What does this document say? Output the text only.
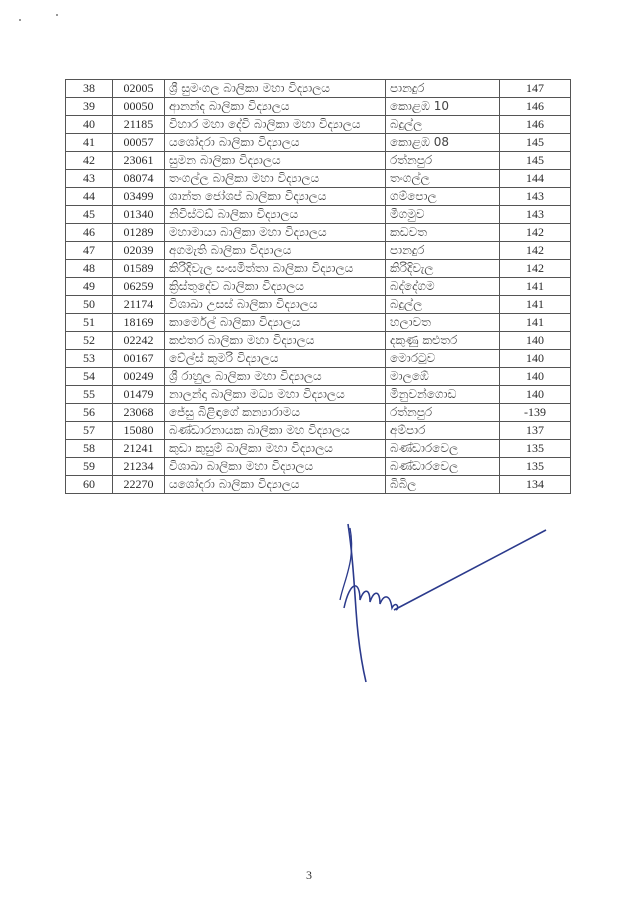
38	02005	ශ්‍රී සුමංගල බාලිකා මහා විද්‍යාලය	පානදුර	147
39	00050	ආනන්ද බාලිකා විද්‍යාලය	කොළඹ 10	146
40	21185	විහාර මහා දේවි බාලිකා මහා විද්‍යාලය	බදුල්ල	146
41	00057	යශෝදරා බාලිකා විද්‍යාලය	කොළඹ 08	145
42	23061	සුමන බාලිකා විද්‍යාලය	රත්නපුර	145
43	08074	තංගල්ල බාලිකා මහා විද්‍යාලය	තංගල්ල	144
44	03499	ශාන්ත ජෝශප් බාලිකා විද්‍යාලය	ගම්පොල	143
45	01340	නිවිස්ටඩ් බාලිකා විද්‍යාලය	මීගමුව	143
46	01289	මහාමායා බාලිකා මහා විද්‍යාලය	කඩවත	142
47	02039	අගමැති බාලිකා විද්‍යාලය	පානදුර	142
48	01589	කිරිදිවැල සංඝමිත්තා බාලිකා විද්‍යාලය	කිරිදිවැල	142
49	06259	ක්‍රිස්තුදේව බාලිකා විද්‍යාලය	බද්දේගම	141
50	21174	විශාඛා උසස් බාලිකා විද්‍යාලය	බදුල්ල	141
51	18169	කාර්මෙල් බාලිකා විද්‍යාලය	හලාවත	141
52	02242	කළුතර බාලිකා මහා විද්‍යාලය	දකුණු කළුතර	140
53	00167	වේල්ස් කුමරි විද්‍යාලය	මොරටුව	140
54	00249	ශ්‍රී රාහුල බාලිකා මහා විද්‍යාලය	මාලඹේ	140
55	01479	නාලන්දා බාලිකා මධ්‍ය මහා විද්‍යාලය	මිනුවන්ගොඩ	140
56	23068	ජේසු බිළිඳාගේ කන්‍යාරාමය	රත්නපුර	-139
57	15080	බණ්ඩාරනායක බාලිකා මහ විද්‍යාලය	අම්පාර	137
58	21241	කුඩා කුසුම් බාලිකා මහා විද්‍යාලය	බණ්ඩාරවෙල	135
59	21234	විශාඛා බාලිකා මහා විද්‍යාලය	බණ්ඩාරවෙල	135
60	22270	යශෝදරා බාලිකා විද්‍යාලය	බිබිල	134
3
